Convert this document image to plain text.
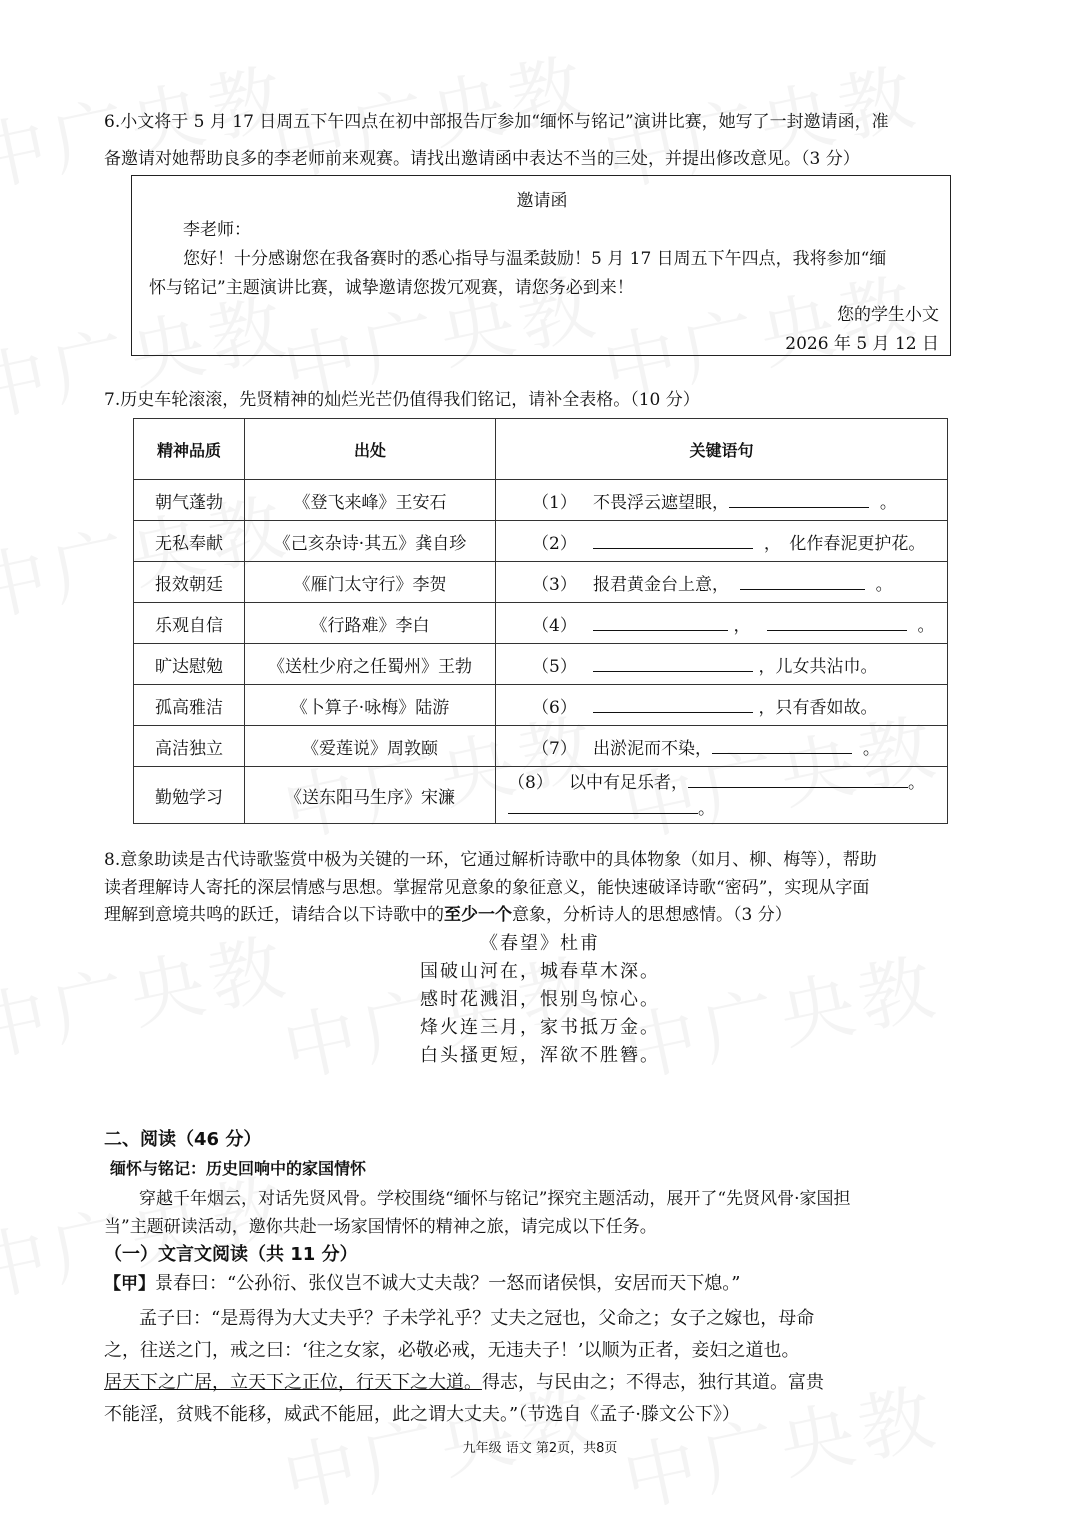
6.小文将于 5 月 17 日周五下午四点在初中部报告厅参加“缅怀与铭记”演讲比赛，她写了一封邀请函，准
备邀请对她帮助良多的李老师前来观赛。请找出邀请函中表达不当的三处，并提出修改意见。（3 分）
邀请函
李老师：
您好！十分感谢您在我备赛时的悉心指导与温柔鼓励！5 月 17 日周五下午四点，我将参加“缅
怀与铭记”主题演讲比赛，诚挚邀请您拨冗观赛，请您务必到来！
您的学生小文
2026 年 5 月 12 日
7.历史车轮滚滚，先贤精神的灿烂光芒仍值得我们铭记，请补全表格。（10 分）
精神品质	出处	关键语句
朝气蓬勃	《登飞来峰》王安石	（1） 不畏浮云遮望眼， 。
无私奉献	《己亥杂诗·其五》龚自珍	（2） ，　化作春泥更护花。
报效朝廷	《雁门太守行》李贺	（3） 报君黄金台上意， 。
乐观自信	《行路难》李白	（4） ， 。
旷达慰勉	《送杜少府之任蜀州》王勃	（5） ，儿女共沾巾。
孤高雅洁	《卜算子·咏梅》陆游	（6） ，只有香如故。
高洁独立	《爱莲说》周敦颐	（7） 出淤泥而不染， 。
勤勉学习	《送东阳马生序》宋濂	（8） 以中有足乐者， 。
。
8.意象助读是古代诗歌鉴赏中极为关键的一环，它通过解析诗歌中的具体物象（如月、柳、梅等），帮助
读者理解诗人寄托的深层情感与思想。掌握常见意象的象征意义，能快速破译诗歌“密码”，实现从字面
理解到意境共鸣的跃迁，请结合以下诗歌中的至少一个意象，分析诗人的思想感情。（3 分）
《春望》杜甫
国破山河在，城春草木深。
感时花溅泪，恨别鸟惊心。
烽火连三月，家书抵万金。
白头搔更短，浑欲不胜簪。
二、阅读（46 分）
缅怀与铭记：历史回响中的家国情怀
穿越千年烟云，对话先贤风骨。学校围绕“缅怀与铭记”探究主题活动，展开了“先贤风骨·家国担
当”主题研读活动，邀你共赴一场家国情怀的精神之旅，请完成以下任务。
（一）文言文阅读（共 11 分）
【甲】景春曰：“公孙衍、张仪岂不诚大丈夫哉？一怒而诸侯惧，安居而天下熄。”
孟子曰：“是焉得为大丈夫乎？子未学礼乎？丈夫之冠也，父命之；女子之嫁也，母命
之，往送之门，戒之曰：‘往之女家，必敬必戒，无违夫子！’以顺为正者，妾妇之道也。
居天下之广居，立天下之正位，行天下之大道。得志，与民由之；不得志，独行其道。富贵
不能淫，贫贱不能移，威武不能屈，此之谓大丈夫。”（节选自《孟子·滕文公下》）
九年级 语文 第2页，共8页
